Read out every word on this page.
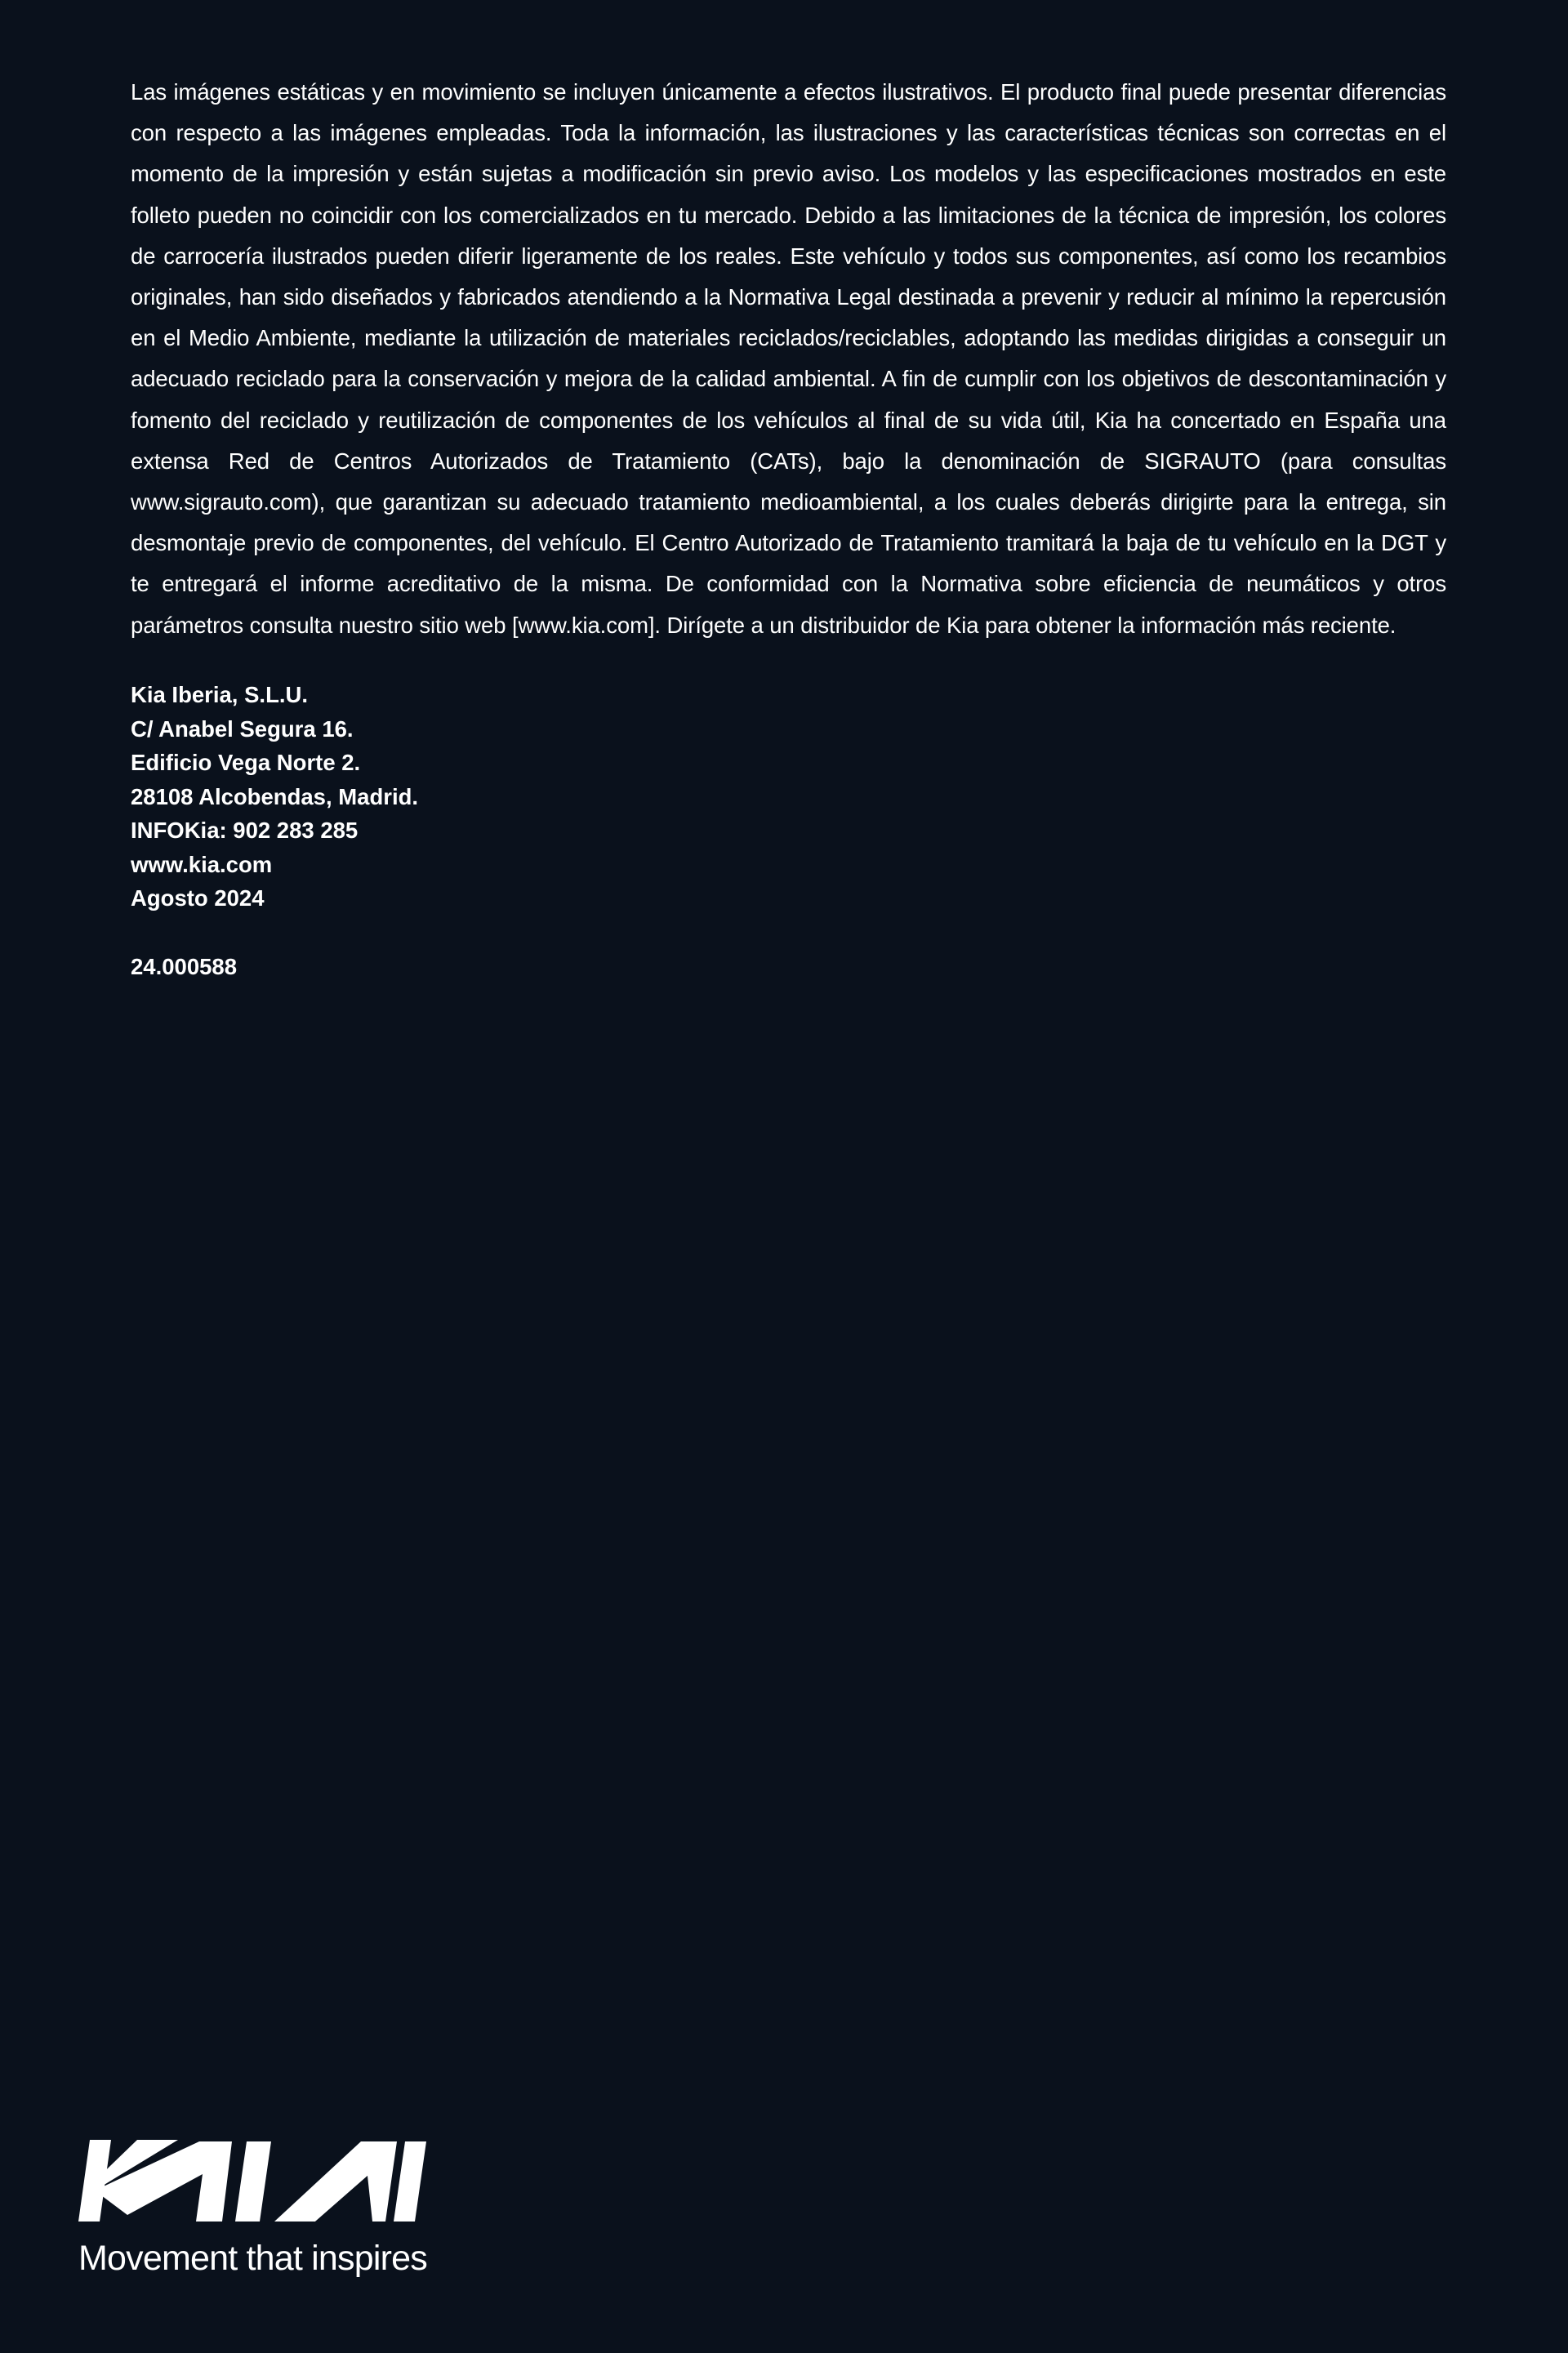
Las imágenes estáticas y en movimiento se incluyen únicamente a efectos ilustrativos. El producto final puede presentar diferencias con respecto a las imágenes empleadas. Toda la información, las ilustraciones y las características técnicas son correctas en el momento de la impresión y están sujetas a modificación sin previo aviso. Los modelos y las especificaciones mostrados en este folleto pueden no coincidir con los comercializados en tu mercado. Debido a las limitaciones de la técnica de impresión, los colores de carrocería ilustrados pueden diferir ligeramente de los reales. Este vehículo y todos sus componentes, así como los recambios originales, han sido diseñados y fabricados atendiendo a la Normativa Legal destinada a prevenir y reducir al mínimo la repercusión en el Medio Ambiente, mediante la utilización de materiales reciclados/reciclables, adoptando las medidas dirigidas a conseguir un adecuado reciclado para la conservación y mejora de la calidad ambiental. A fin de cumplir con los objetivos de descontaminación y fomento del reciclado y reutilización de componentes de los vehículos al final de su vida útil, Kia ha concertado en España una extensa Red de Centros Autorizados de Tratamiento (CATs), bajo la denominación de SIGRAUTO (para consultas www.sigrauto.com), que garantizan su adecuado tratamiento medioambiental, a los cuales deberás dirigirte para la entrega, sin desmontaje previo de componentes, del vehículo. El Centro Autorizado de Tratamiento tramitará la baja de tu vehículo en la DGT y te entregará el informe acreditativo de la misma. De conformidad con la Normativa sobre eficiencia de neumáticos y otros parámetros consulta nuestro sitio web [www.kia.com]. Dirígete a un distribuidor de Kia para obtener la información más reciente.

Kia Iberia, S.L.U.
C/ Anabel Segura 16.
Edificio Vega Norte 2.
28108 Alcobendas, Madrid.
INFOKia: 902 283 285
www.kia.com
Agosto 2024
24.000588
Movement that inspires
